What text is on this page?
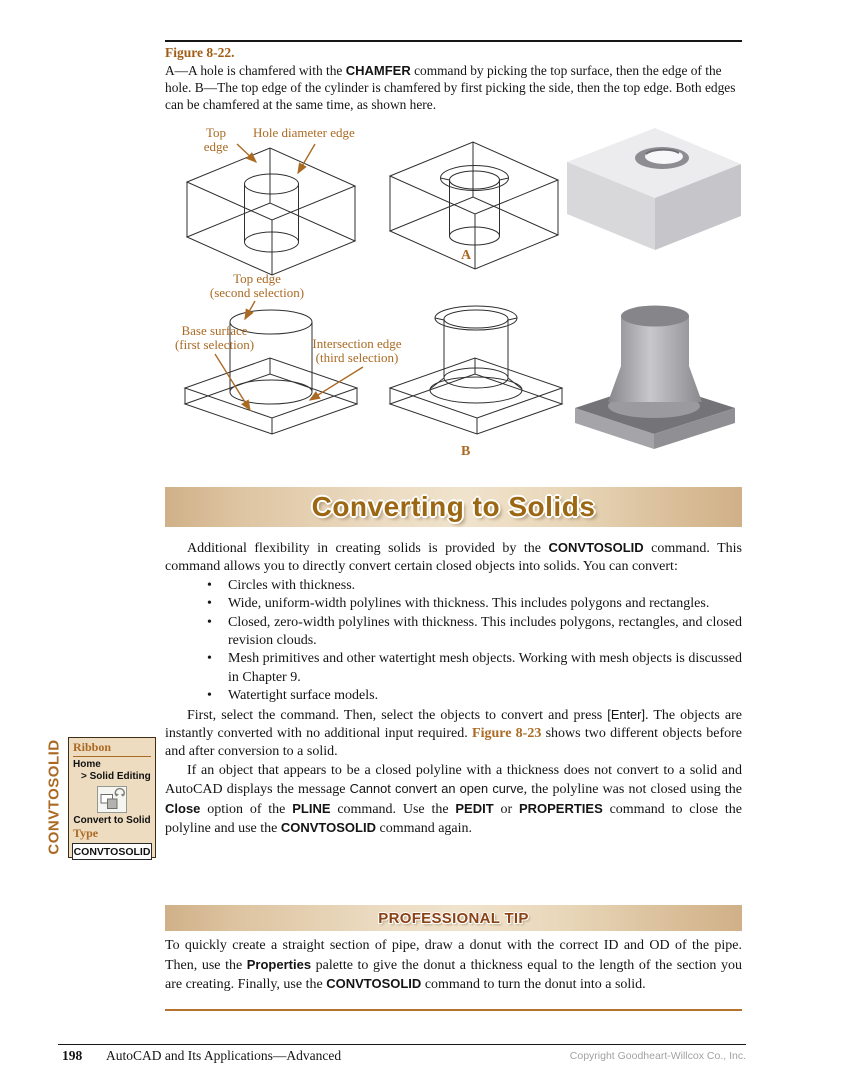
Figure 8-22.

A—A hole is chamfered with the CHAMFER command by picking the top surface, then the edge of the hole. B—The top edge of the cylinder is chamfered by first picking the side, then the top edge. Both edges can be chamfered at the same time, as shown here.

Top edge
Hole diameter edge
A
Top edge
(second selection)
Base surface
(first selection)	Intersection edge
(third selection)
B
Converting to Solids

Additional flexibility in creating solids is provided by the CONVTOSOLID command. This command allows you to directly convert certain closed objects into solids. You can convert:

• Circles with thickness.
• Wide, uniform-width polylines with thickness. This includes polygons and rectangles.
• Closed, zero-width polylines with thickness. This includes polygons, rectangles, and closed revision clouds.
• Mesh primitives and other watertight mesh objects. Working with mesh objects is discussed in Chapter 9.
• Watertight surface models.

First, select the command. Then, select the objects to convert and press [Enter]. The objects are instantly converted with no additional input required. Figure 8-23 shows two different objects before and after conversion to a solid.

If an object that appears to be a closed polyline with a thickness does not convert to a solid and AutoCAD displays the message Cannot convert an open curve, the polyline was not closed using the Close option of the PLINE command. Use the PEDIT or PROPERTIES command to close the polyline and use the CONVTOSOLID command again.

CONVTOSOLID Ribbon
Home
> Solid Editing
Convert to Solid
Type
CONVTOSOLID
PROFESSIONAL TIP

To quickly create a straight section of pipe, draw a donut with the correct ID and OD of the pipe. Then, use the Properties palette to give the donut a thickness equal to the length of the section you are creating. Finally, use the CONVTOSOLID command to turn the donut into a solid.

198 AutoCAD and Its Applications—Advanced	Copyright Goodheart-Willcox Co., Inc.
